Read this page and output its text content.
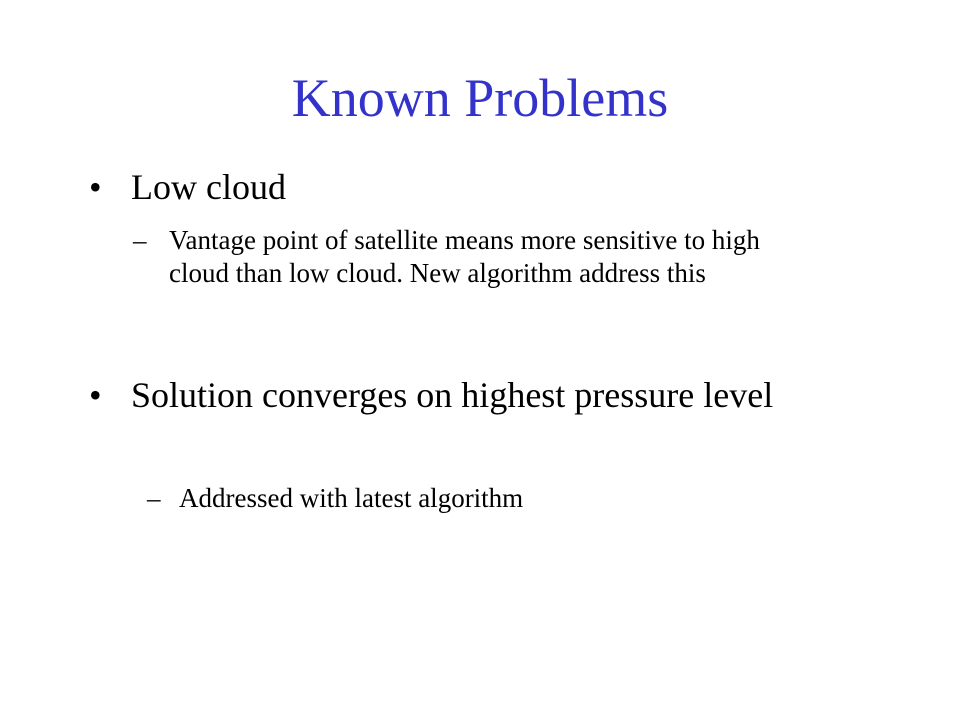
Known Problems
• Low cloud
– Vantage point of satellite means more sensitive to high cloud than low cloud. New algorithm address this
• Solution converges on highest pressure level
– Addressed with latest algorithm
